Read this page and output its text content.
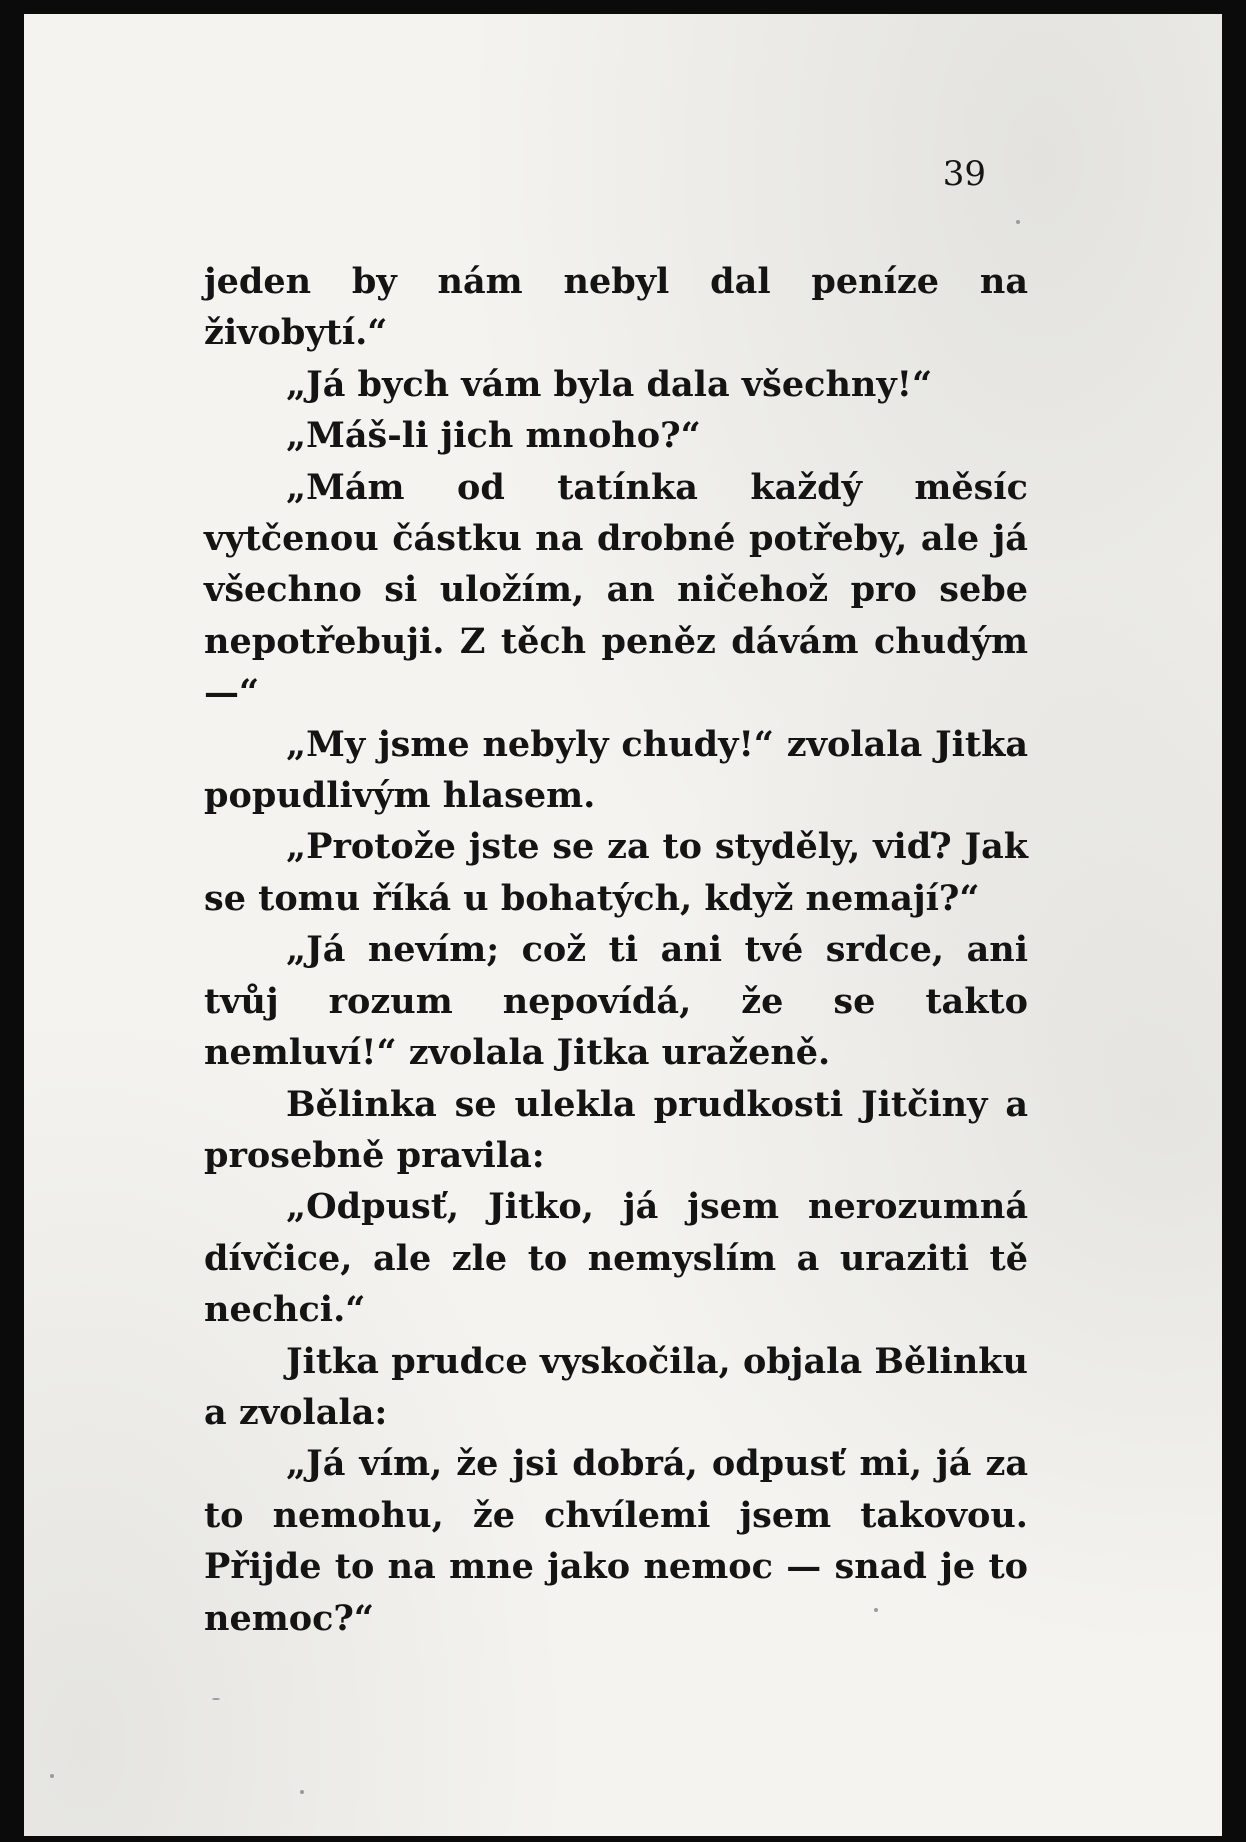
39

jeden by nám nebyl dal peníze na živobytí.“

„Já bych vám byla dala všechny!“

„Máš-li jich mnoho?“

„Mám od tatínka každý měsíc vytčenou částku na drobné potřeby, ale já všechno si uložím, an ničehož pro sebe nepotřebuji. Z těch peněz dávám chudým —“

„My jsme nebyly chudy!“ zvolala Jitka popudlivým hlasem.

„Protože jste se za to styděly, viď? Jak se tomu říká u bohatých, když nemají?“

„Já nevím; což ti ani tvé srdce, ani tvůj rozum nepovídá, že se takto nemluví!“ zvolala Jitka uraženě.

Bělinka se ulekla prudkosti Jitčiny a prosebně pravila:

„Odpusť, Jitko, já jsem nerozumná dívčice, ale zle to nemyslím a uraziti tě nechci.“

Jitka prudce vyskočila, objala Bělinku a zvolala:

„Já vím, že jsi dobrá, odpusť mi, já za to nemohu, že chvílemi jsem takovou. Přijde to na mne jako nemoc — snad je to nemoc?“
